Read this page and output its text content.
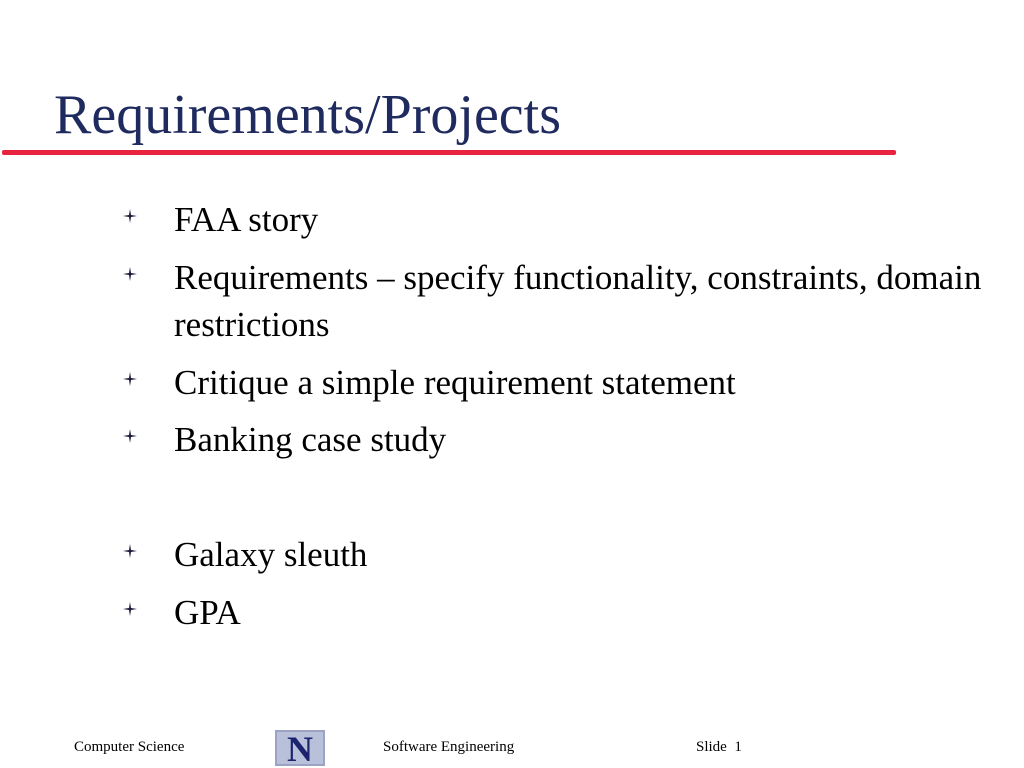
Requirements/Projects
FAA story
Requirements – specify functionality, constraints, domain restrictions
Critique a simple requirement statement
Banking case study
Galaxy sleuth
GPA
Computer Science	N	Software Engineering	Slide  1
